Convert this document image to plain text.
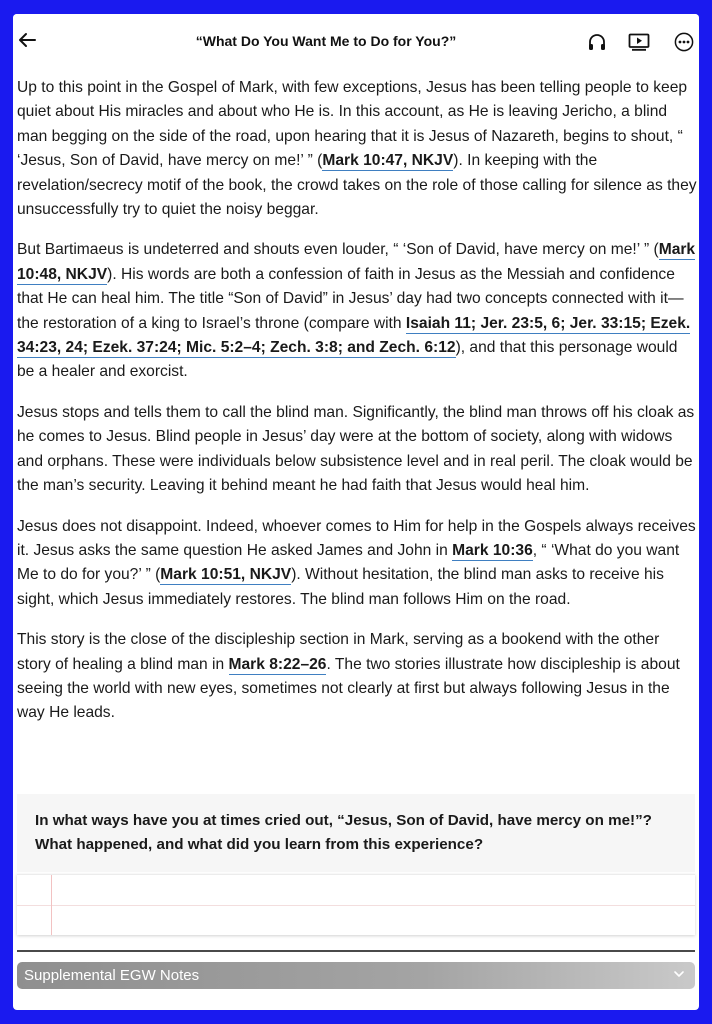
“What Do You Want Me to Do for You?”

Up to this point in the Gospel of Mark, with few exceptions, Jesus has been telling people to keep quiet about His miracles and about who He is. In this account, as He is leaving Jericho, a blind man begging on the side of the road, upon hearing that it is Jesus of Nazareth, begins to shout, “ ‘Jesus, Son of David, have mercy on me!’ ” (Mark 10:47, NKJV). In keeping with the revelation/secrecy motif of the book, the crowd takes on the role of those calling for silence as they unsuccessfully try to quiet the noisy beggar.

But Bartimaeus is undeterred and shouts even louder, “ ‘Son of David, have mercy on me!’ ” (Mark 10:48, NKJV). His words are both a confession of faith in Jesus as the Messiah and confidence that He can heal him. The title “Son of David” in Jesus’ day had two concepts connected with it—the restoration of a king to Israel’s throne (compare with Isaiah 11; Jer. 23:5, 6; Jer. 33:15; Ezek. 34:23, 24; Ezek. 37:24; Mic. 5:2–4; Zech. 3:8; and Zech. 6:12), and that this personage would be a healer and exorcist.

Jesus stops and tells them to call the blind man. Significantly, the blind man throws off his cloak as he comes to Jesus. Blind people in Jesus’ day were at the bottom of society, along with widows and orphans. These were individuals below subsistence level and in real peril. The cloak would be the man’s security. Leaving it behind meant he had faith that Jesus would heal him.

Jesus does not disappoint. Indeed, whoever comes to Him for help in the Gospels always receives it. Jesus asks the same question He asked James and John in Mark 10:36, “ ‘What do you want Me to do for you?’ ” (Mark 10:51, NKJV). Without hesitation, the blind man asks to receive his sight, which Jesus immediately restores. The blind man follows Him on the road.

This story is the close of the discipleship section in Mark, serving as a bookend with the other story of healing a blind man in Mark 8:22–26. The two stories illustrate how discipleship is about seeing the world with new eyes, sometimes not clearly at first but always following Jesus in the way He leads.

In what ways have you at times cried out, “Jesus, Son of David, have mercy on me!”? What happened, and what did you learn from this experience?
Supplemental EGW Notes
